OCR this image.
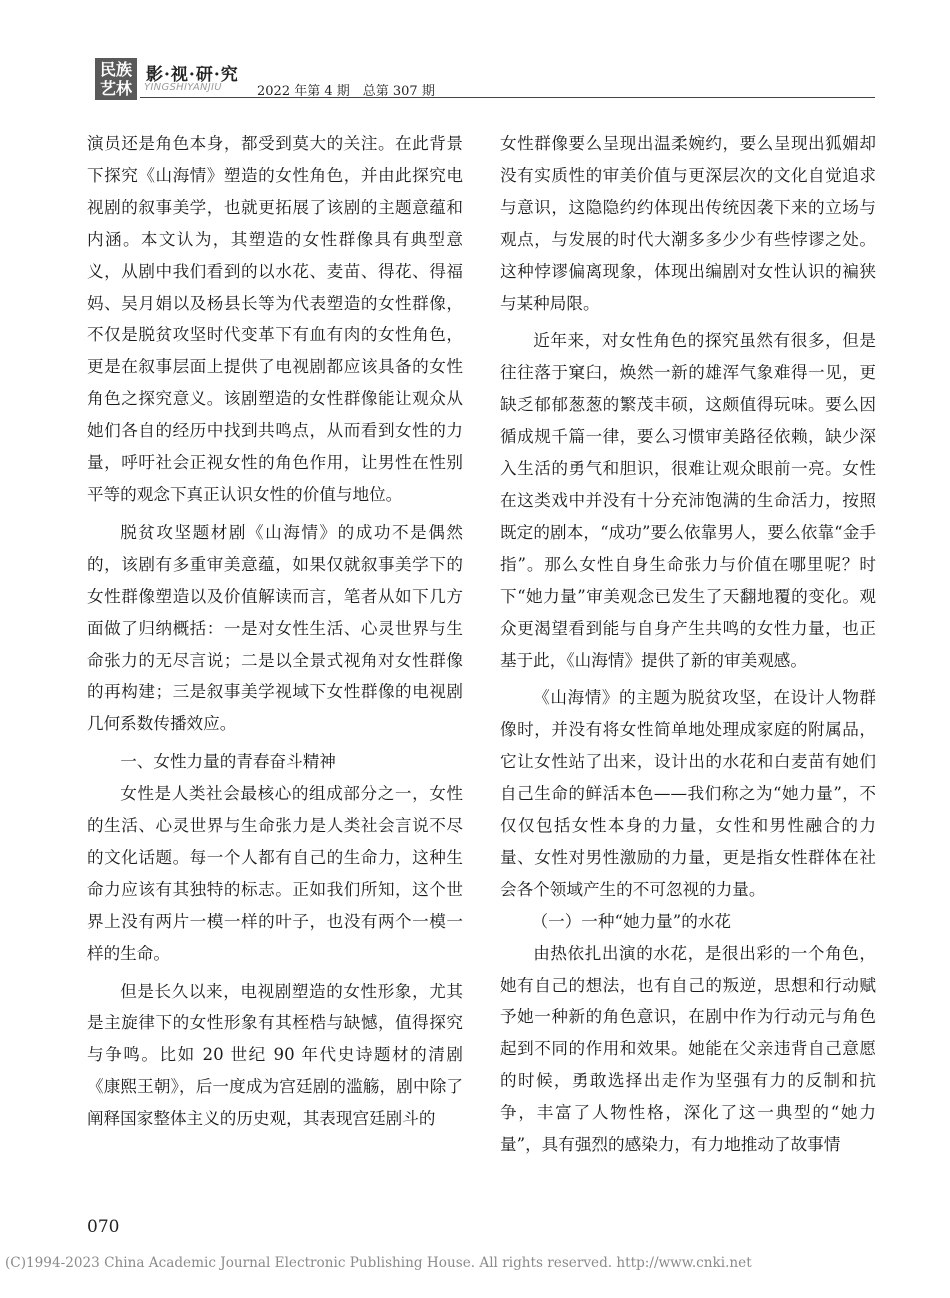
民族
艺林
影·视·研·究
YINGSHIYANJIU	2022 年第 4 期　总第 307 期

演员还是角色本身，都受到莫大的关注。在此背景下探究《山海情》塑造的女性角色，并由此探究电视剧的叙事美学，也就更拓展了该剧的主题意蕴和内涵。本文认为，其塑造的女性群像具有典型意义，从剧中我们看到的以水花、麦苗、得花、得福妈、吴月娟以及杨县长等为代表塑造的女性群像，不仅是脱贫攻坚时代变革下有血有肉的女性角色，更是在叙事层面上提供了电视剧都应该具备的女性角色之探究意义。该剧塑造的女性群像能让观众从她们各自的经历中找到共鸣点，从而看到女性的力量，呼吁社会正视女性的角色作用，让男性在性别平等的观念下真正认识女性的价值与地位。

脱贫攻坚题材剧《山海情》的成功不是偶然的，该剧有多重审美意蕴，如果仅就叙事美学下的女性群像塑造以及价值解读而言，笔者从如下几方面做了归纳概括：一是对女性生活、心灵世界与生命张力的无尽言说；二是以全景式视角对女性群像的再构建；三是叙事美学视域下女性群像的电视剧几何系数传播效应。

一、女性力量的青春奋斗精神

女性是人类社会最核心的组成部分之一，女性的生活、心灵世界与生命张力是人类社会言说不尽的文化话题。每一个人都有自己的生命力，这种生命力应该有其独特的标志。正如我们所知，这个世界上没有两片一模一样的叶子，也没有两个一模一样的生命。

但是长久以来，电视剧塑造的女性形象，尤其是主旋律下的女性形象有其桎梏与缺憾，值得探究与争鸣。比如 20 世纪 90 年代史诗题材的清剧《康熙王朝》，后一度成为宫廷剧的滥觞，剧中除了阐释国家整体主义的历史观，其表现宫廷剧斗的

女性群像要么呈现出温柔婉约，要么呈现出狐媚却没有实质性的审美价值与更深层次的文化自觉追求与意识，这隐隐约约体现出传统因袭下来的立场与观点，与发展的时代大潮多多少少有些悖谬之处。这种悖谬偏离现象，体现出编剧对女性认识的褊狭与某种局限。

近年来，对女性角色的探究虽然有很多，但是往往落于窠臼，焕然一新的雄浑气象难得一见，更缺乏郁郁葱葱的繁茂丰硕，这颇值得玩味。要么因循成规千篇一律，要么习惯审美路径依赖，缺少深入生活的勇气和胆识，很难让观众眼前一亮。女性在这类戏中并没有十分充沛饱满的生命活力，按照既定的剧本，“成功”要么依靠男人，要么依靠“金手指”。那么女性自身生命张力与价值在哪里呢？时下“她力量”审美观念已发生了天翻地覆的变化。观众更渴望看到能与自身产生共鸣的女性力量，也正基于此，《山海情》提供了新的审美观感。

《山海情》的主题为脱贫攻坚，在设计人物群像时，并没有将女性简单地处理成家庭的附属品，它让女性站了出来，设计出的水花和白麦苗有她们自己生命的鲜活本色——我们称之为“她力量”，不仅仅包括女性本身的力量，女性和男性融合的力量、女性对男性激励的力量，更是指女性群体在社会各个领域产生的不可忽视的力量。

（一）一种“她力量”的水花

由热依扎出演的水花，是很出彩的一个角色，她有自己的想法，也有自己的叛逆，思想和行动赋予她一种新的角色意识，在剧中作为行动元与角色起到不同的作用和效果。她能在父亲违背自己意愿的时候，勇敢选择出走作为坚强有力的反制和抗争，丰富了人物性格，深化了这一典型的“她力量”，具有强烈的感染力，有力地推动了故事情

070
(C)1994-2023 China Academic Journal Electronic Publishing House. All rights reserved. http://www.cnki.net
